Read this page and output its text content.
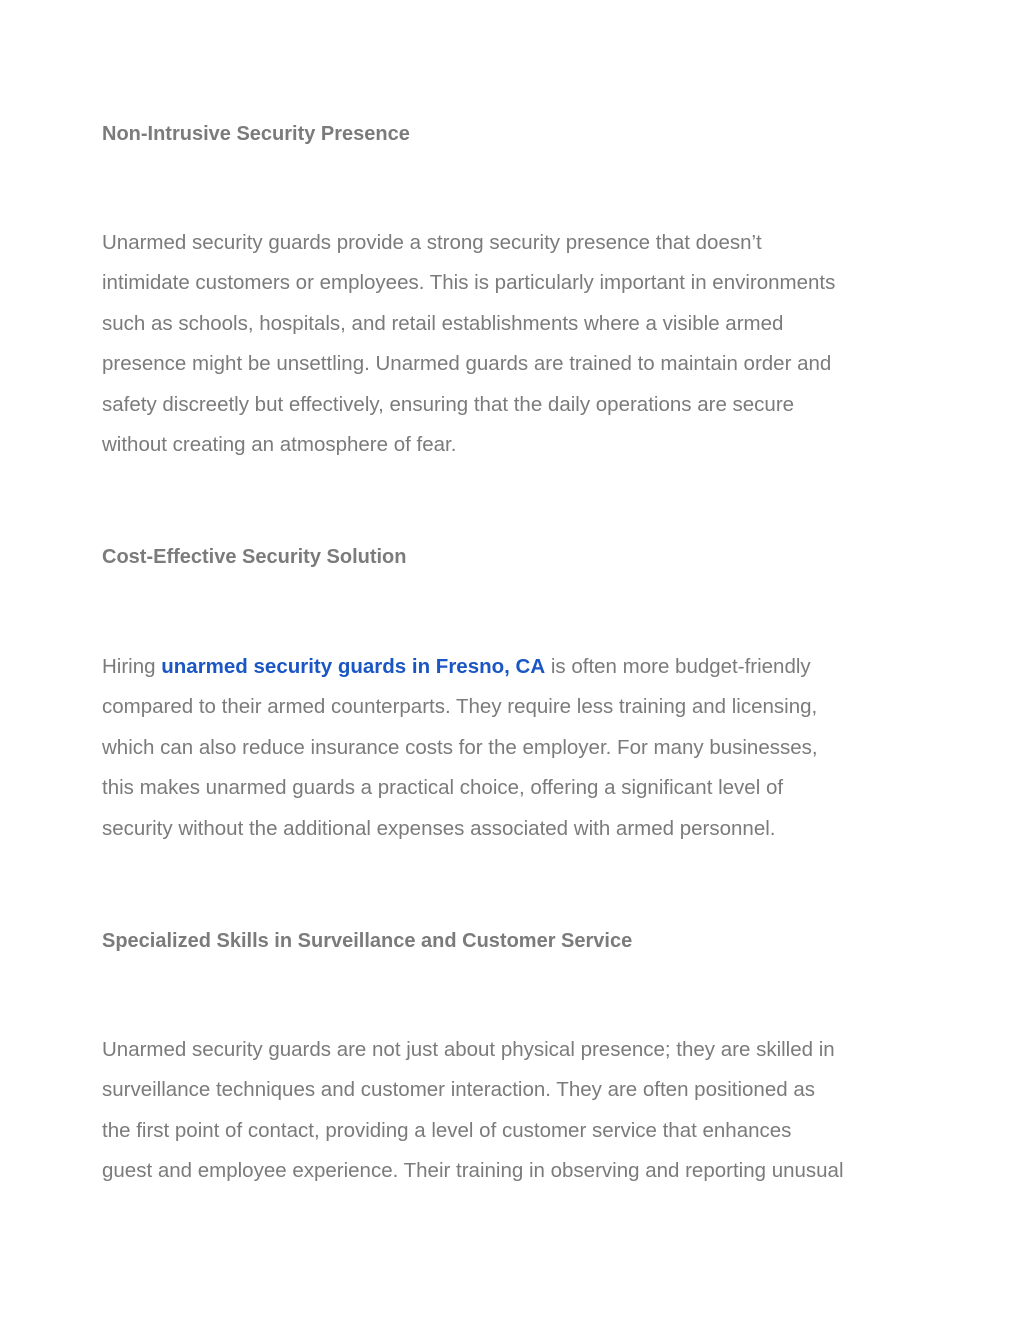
Non-Intrusive Security Presence
Unarmed security guards provide a strong security presence that doesn’t
intimidate customers or employees. This is particularly important in environments
such as schools, hospitals, and retail establishments where a visible armed
presence might be unsettling. Unarmed guards are trained to maintain order and
safety discreetly but effectively, ensuring that the daily operations are secure
without creating an atmosphere of fear.
Cost-Effective Security Solution
Hiring unarmed security guards in Fresno, CA is often more budget-friendly
compared to their armed counterparts. They require less training and licensing,
which can also reduce insurance costs for the employer. For many businesses,
this makes unarmed guards a practical choice, offering a significant level of
security without the additional expenses associated with armed personnel.
Specialized Skills in Surveillance and Customer Service
Unarmed security guards are not just about physical presence; they are skilled in
surveillance techniques and customer interaction. They are often positioned as
the first point of contact, providing a level of customer service that enhances
guest and employee experience. Their training in observing and reporting unusual
